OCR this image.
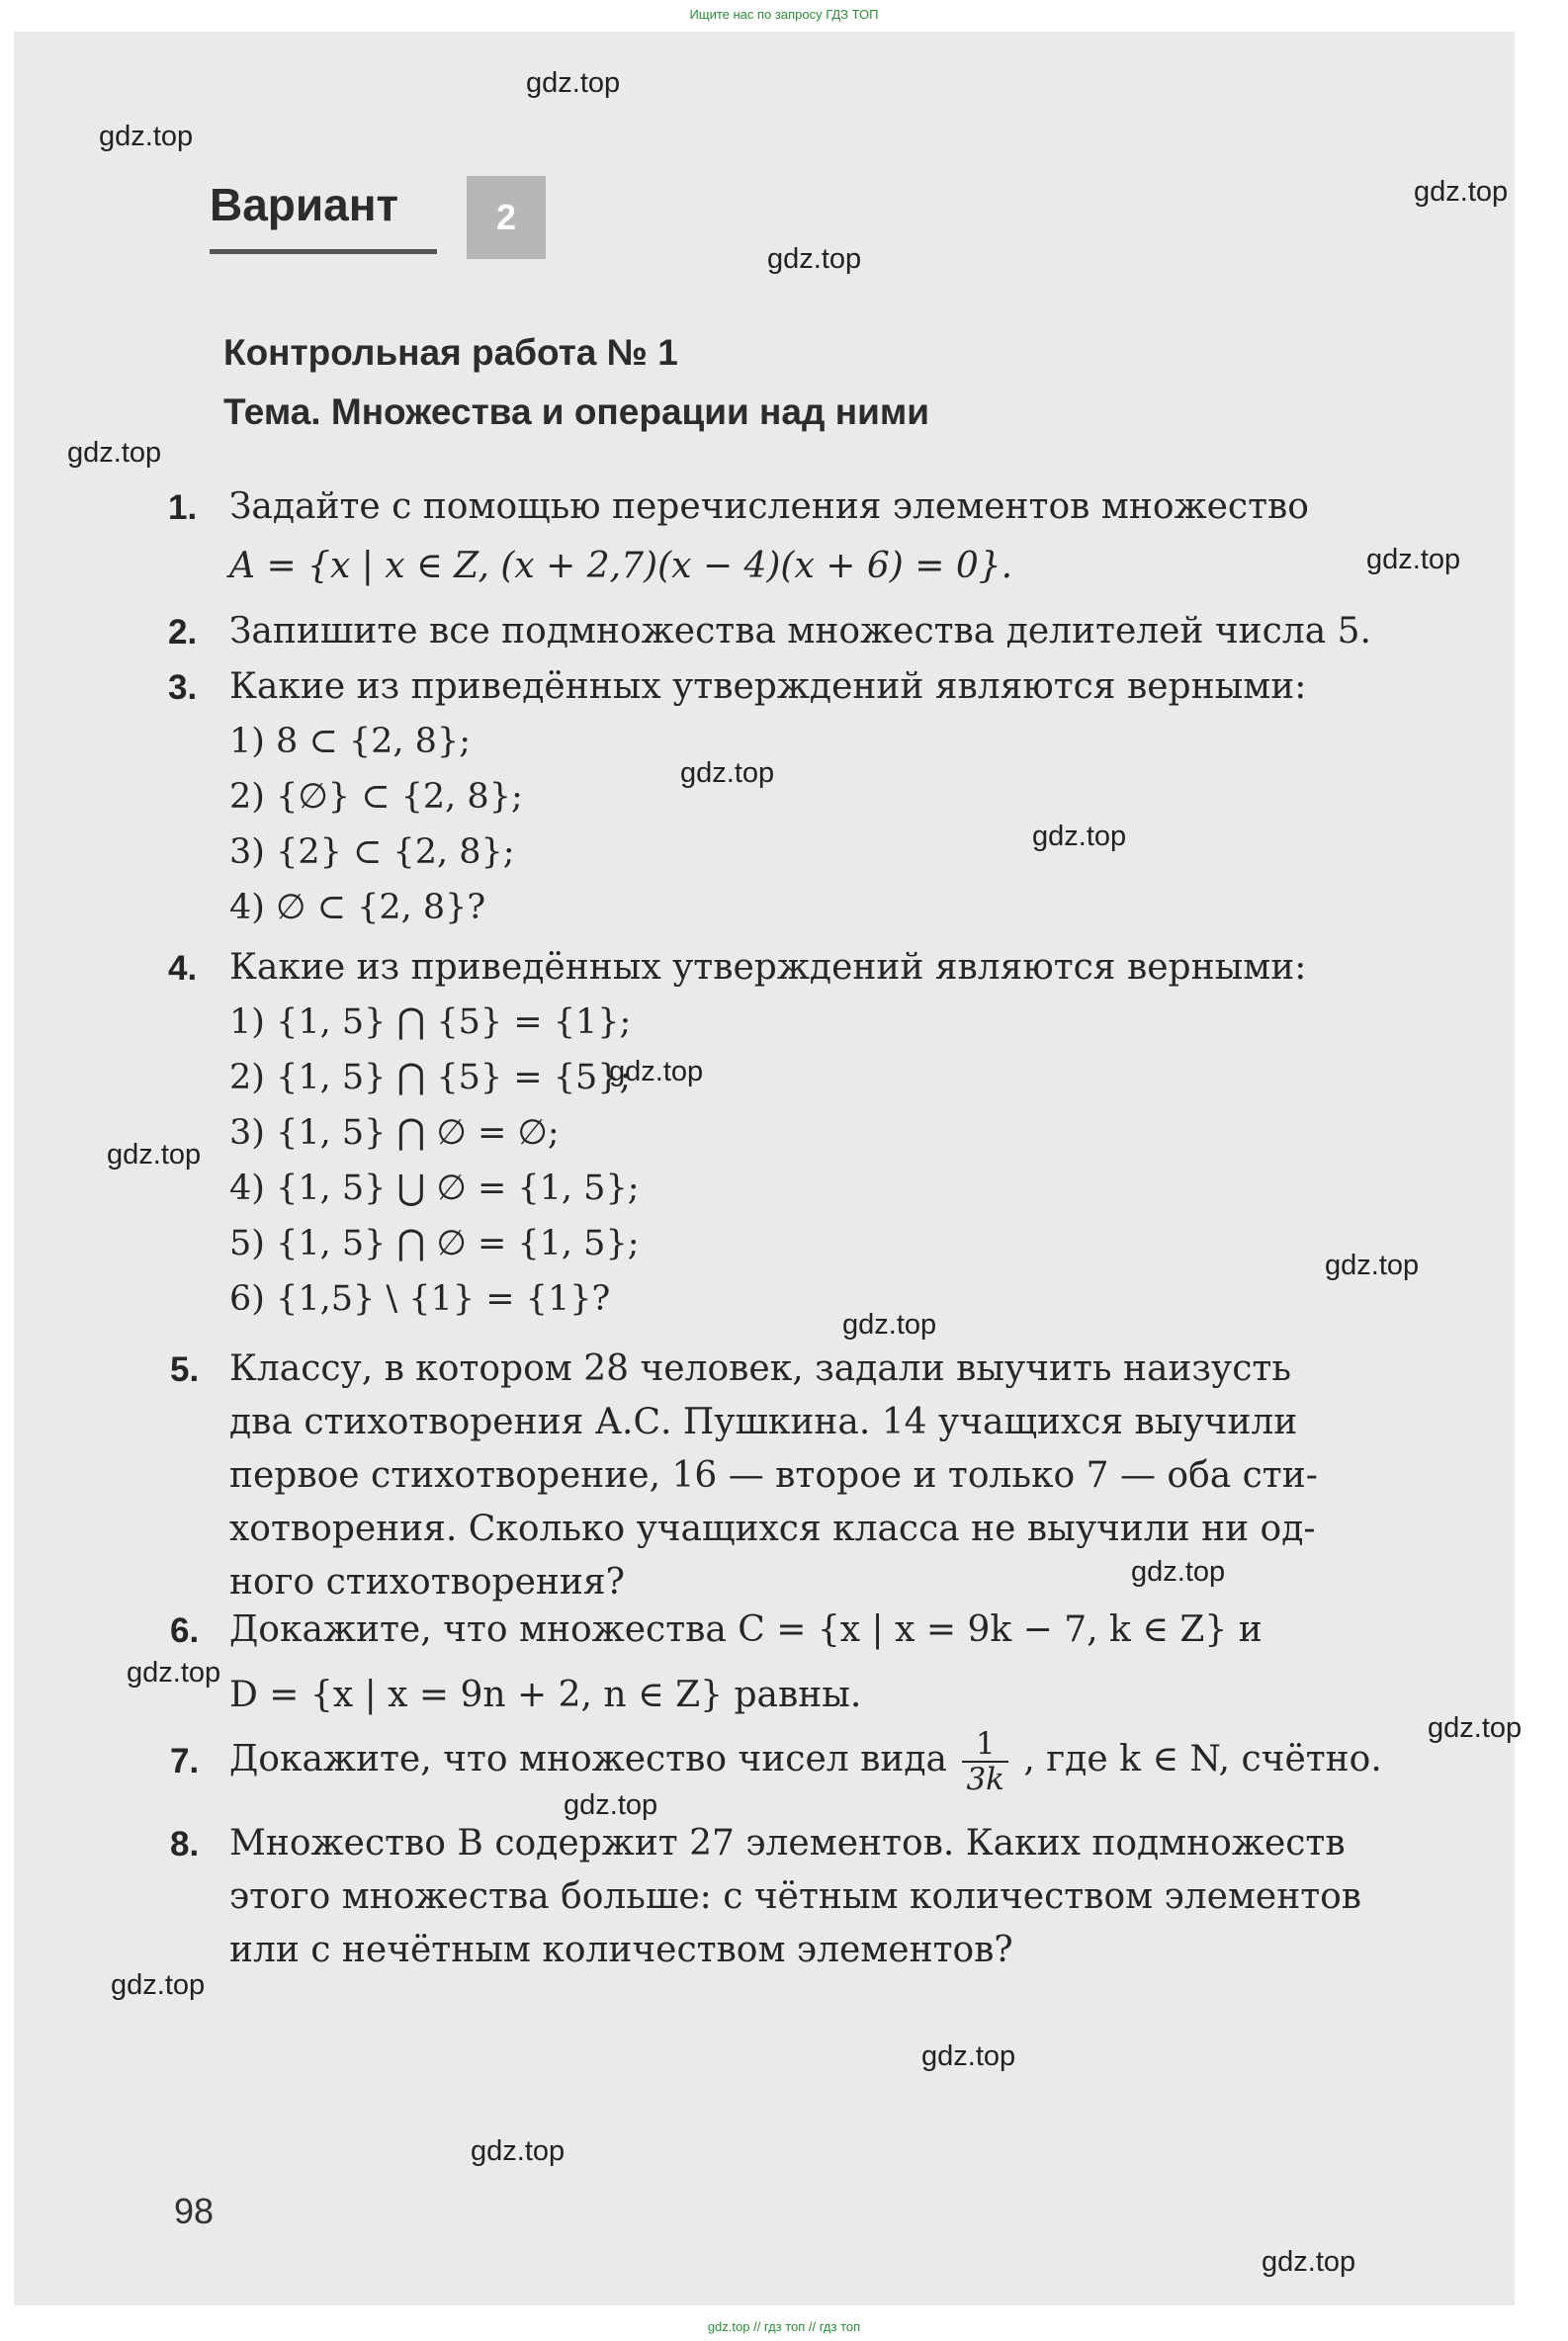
Ищите нас по запросу ГДЗ ТОП
Вариант	2
Контрольная работа № 1
Тема. Множества и операции над ними
1. Задайте с помощью перечисления элементов множество
A = {x | x ∈ Z, (x + 2,7)(x − 4)(x + 6) = 0}.
2. Запишите все подмножества множества делителей числа 5.
3. Какие из приведённых утверждений являются верными:
1) 8 ⊂ {2, 8};
2) {∅} ⊂ {2, 8};
3) {2} ⊂ {2, 8};
4) ∅ ⊂ {2, 8}?
4. Какие из приведённых утверждений являются верными:
1) {1, 5} ⋂ {5} = {1};
2) {1, 5} ⋂ {5} = {5};
3) {1, 5} ⋂ ∅ = ∅;
4) {1, 5} ⋃ ∅ = {1, 5};
5) {1, 5} ⋂ ∅ = {1, 5};
6) {1,5} \ {1} = {1}?
5. Классу, в котором 28 человек, задали выучить наизусть
два стихотворения А.С. Пушкина. 14 учащихся выучили
первое стихотворение, 16 — второе и только 7 — оба сти-
хотворения. Сколько учащихся класса не выучили ни од-
ного стихотворения?
6. Докажите, что множества C = {x | x = 9k − 7, k ∈ Z} и
D = {x | x = 9n + 2, n ∈ Z} равны.
7. Докажите, что множество чисел вида $\frac{1}{3k}$ , где k ∈ N, счётно.
8. Множество B содержит 27 элементов. Каких подмножеств
этого множества больше: с чётным количеством элементов
или с нечётным количеством элементов?
98
gdz.top
gdz.top
gdz.top
gdz.top
gdz.top
gdz.top
gdz.top
gdz.top
gdz.top
gdz.top
gdz.top
gdz.top
gdz.top
gdz.top
gdz.top
gdz.top
gdz.top
gdz.top
gdz.top
gdz.top
gdz.top // гдз топ // гдз топ
